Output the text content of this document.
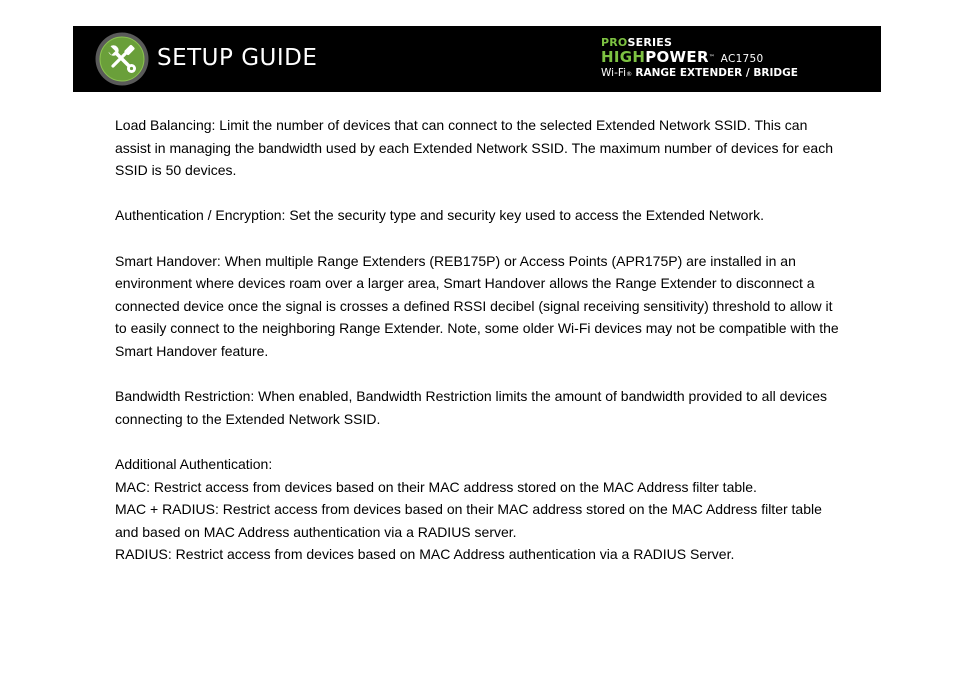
SETUP GUIDE
PROSERIES
HIGHPOWER™ AC1750
Wi-Fi® RANGE EXTENDER / BRIDGE

Load Balancing: Limit the number of devices that can connect to the selected Extended Network SSID. This can assist in managing the bandwidth used by each Extended Network SSID. The maximum number of devices for each SSID is 50 devices.

Authentication / Encryption: Set the security type and security key used to access the Extended Network.

Smart Handover: When multiple Range Extenders (REB175P) or Access Points (APR175P) are installed in an environment where devices roam over a larger area, Smart Handover allows the Range Extender to disconnect a connected device once the signal is crosses a defined RSSI decibel (signal receiving sensitivity) threshold to allow it to easily connect to the neighboring Range Extender. Note, some older Wi-Fi devices may not be compatible with the Smart Handover feature.

Bandwidth Restriction: When enabled, Bandwidth Restriction limits the amount of bandwidth provided to all devices connecting to the Extended Network SSID.

Additional Authentication:

MAC: Restrict access from devices based on their MAC address stored on the MAC Address filter table.

MAC + RADIUS: Restrict access from devices based on their MAC address stored on the MAC Address filter table and based on MAC Address authentication via a RADIUS server.

RADIUS: Restrict access from devices based on MAC Address authentication via a RADIUS Server.
